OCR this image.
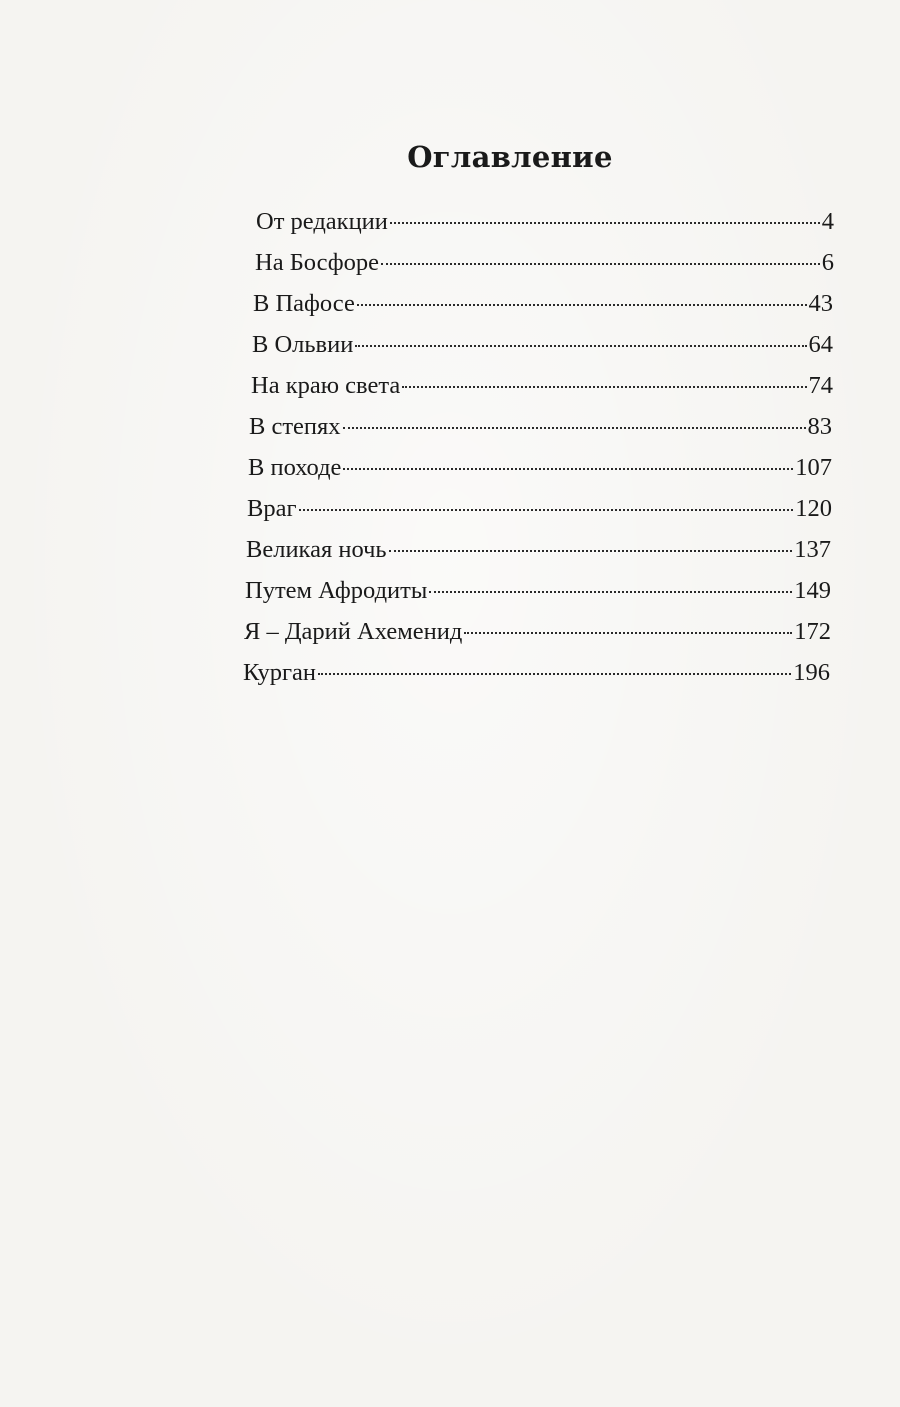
Оглавление
От редакции	4
На Босфоре	6
В Пафосе	43
В Ольвии	64
На краю света	74
В степях	83
В походе	107
Враг	120
Великая ночь	137
Путем Афродиты	149
Я – Дарий Ахеменид	172
Курган	196
